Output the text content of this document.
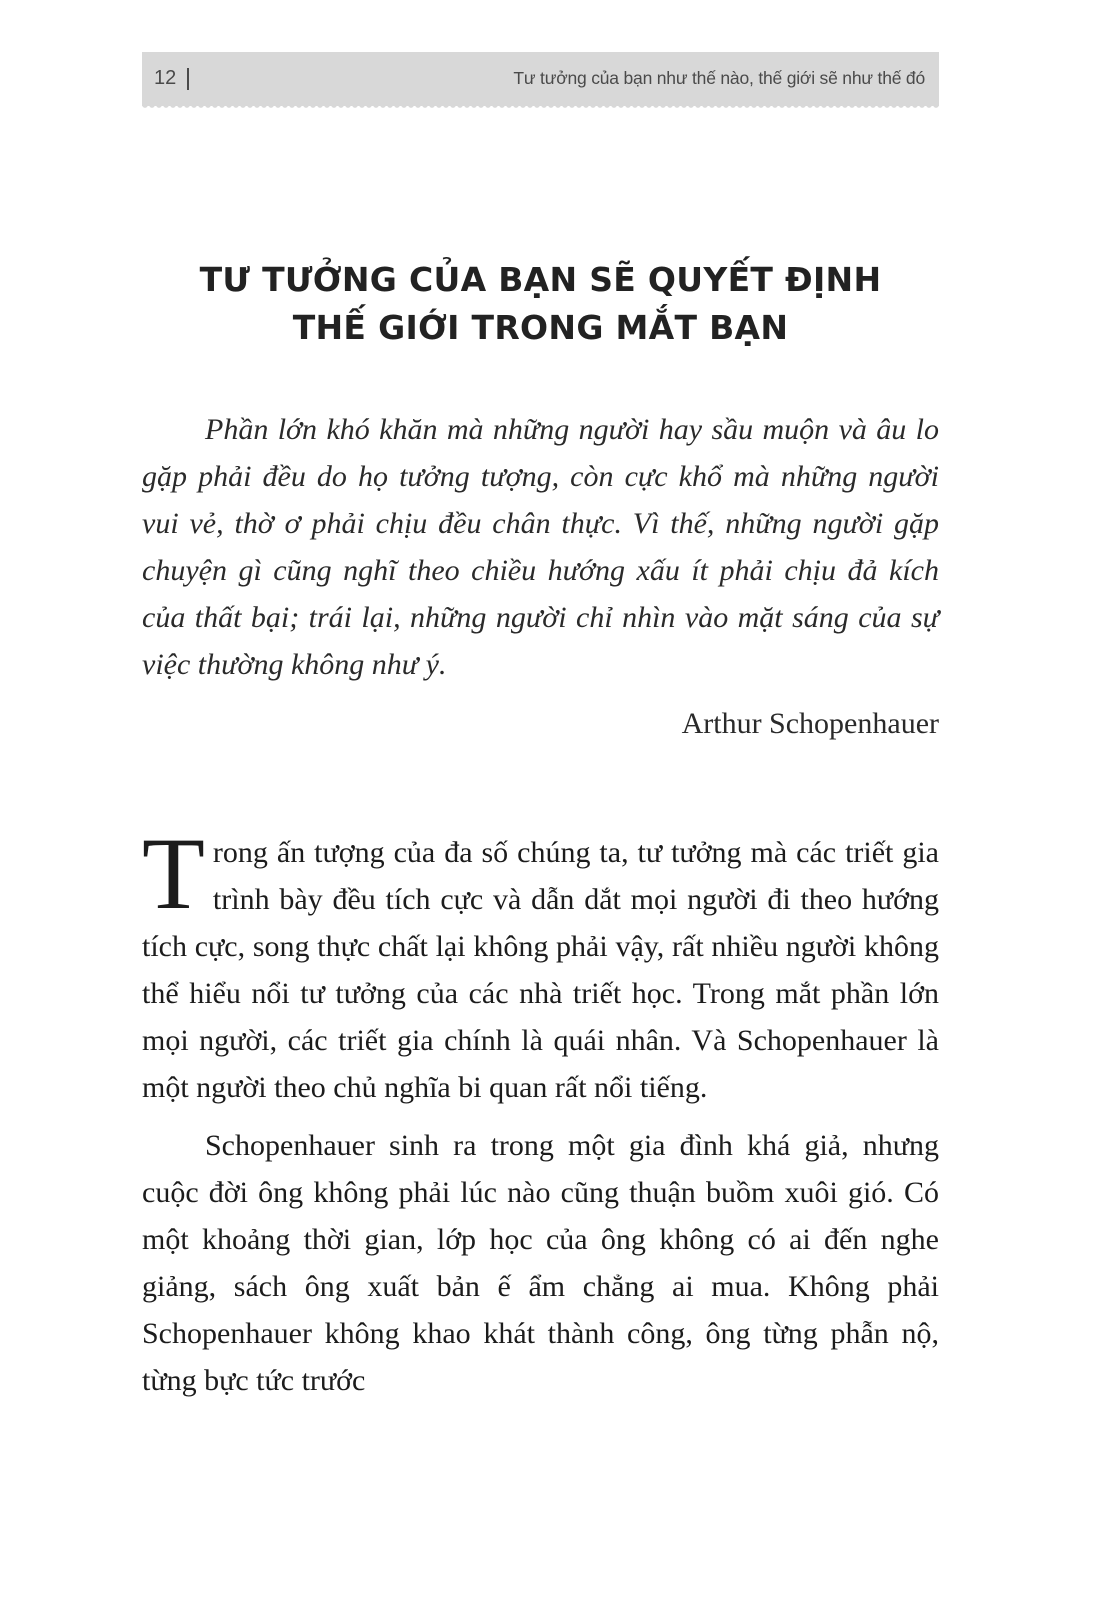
12	Tư tưởng của bạn như thế nào, thế giới sẽ như thế đó
TƯ TƯỞNG CỦA BẠN SẼ QUYẾT ĐỊNH
THẾ GIỚI TRONG MẮT BẠN

Phần lớn khó khăn mà những người hay sầu muộn và âu lo gặp phải đều do họ tưởng tượng, còn cực khổ mà những người vui vẻ, thờ ơ phải chịu đều chân thực. Vì thế, những người gặp chuyện gì cũng nghĩ theo chiều hướng xấu ít phải chịu đả kích của thất bại; trái lại, những người chỉ nhìn vào mặt sáng của sự việc thường không như ý.

Arthur Schopenhauer

Trong ấn tượng của đa số chúng ta, tư tưởng mà các triết gia trình bày đều tích cực và dẫn dắt mọi người đi theo hướng tích cực, song thực chất lại không phải vậy, rất nhiều người không thể hiểu nổi tư tưởng của các nhà triết học. Trong mắt phần lớn mọi người, các triết gia chính là quái nhân. Và Schopenhauer là một người theo chủ nghĩa bi quan rất nổi tiếng.

Schopenhauer sinh ra trong một gia đình khá giả, nhưng cuộc đời ông không phải lúc nào cũng thuận buồm xuôi gió. Có một khoảng thời gian, lớp học của ông không có ai đến nghe giảng, sách ông xuất bản ế ẩm chẳng ai mua. Không phải Schopenhauer không khao khát thành công, ông từng phẫn nộ, từng bực tức trước
